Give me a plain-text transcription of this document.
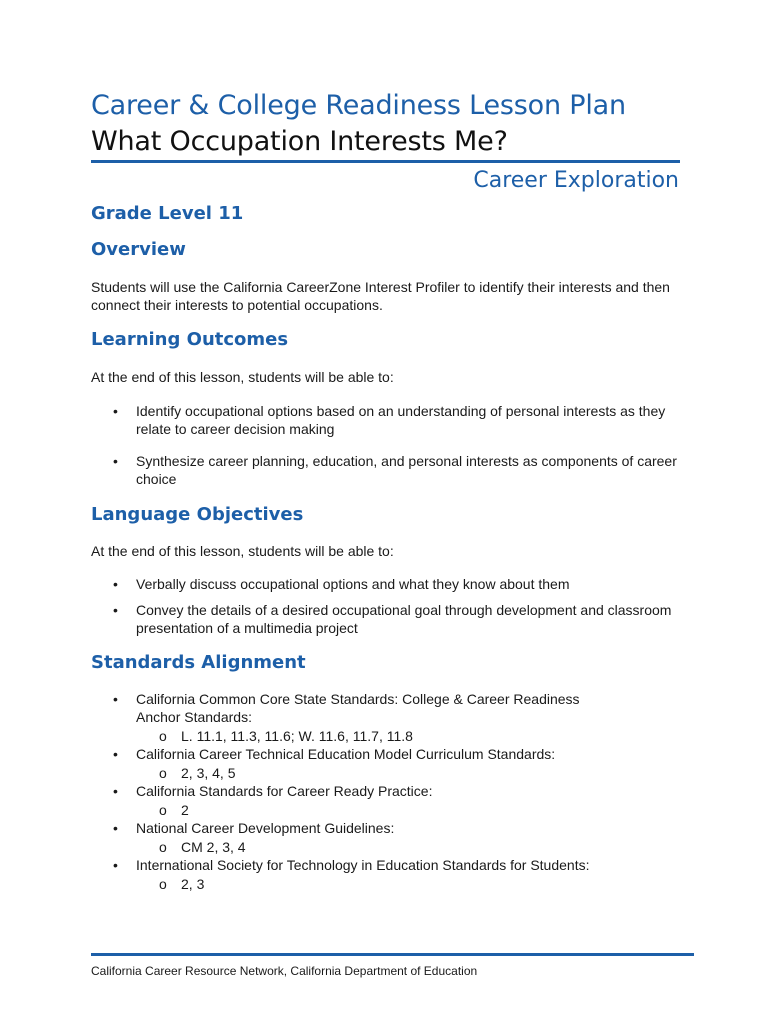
Career & College Readiness Lesson Plan
What Occupation Interests Me?
Career Exploration
Grade Level 11
Overview
Students will use the California CareerZone Interest Profiler to identify their interests and then connect their interests to potential occupations.
Learning Outcomes
At the end of this lesson, students will be able to:
• Identify occupational options based on an understanding of personal interests as they relate to career decision making
• Synthesize career planning, education, and personal interests as components of career choice
Language Objectives
At the end of this lesson, students will be able to:
• Verbally discuss occupational options and what they know about them
• Convey the details of a desired occupational goal through development and classroom presentation of a multimedia project
Standards Alignment
• California Common Core State Standards: College & Career Readiness Anchor Standards:
o L. 11.1, 11.3, 11.6; W. 11.6, 11.7, 11.8
• California Career Technical Education Model Curriculum Standards:
o 2, 3, 4, 5
• California Standards for Career Ready Practice:
o 2
• National Career Development Guidelines:
o CM 2, 3, 4
• International Society for Technology in Education Standards for Students:
o 2, 3
California Career Resource Network, California Department of Education
